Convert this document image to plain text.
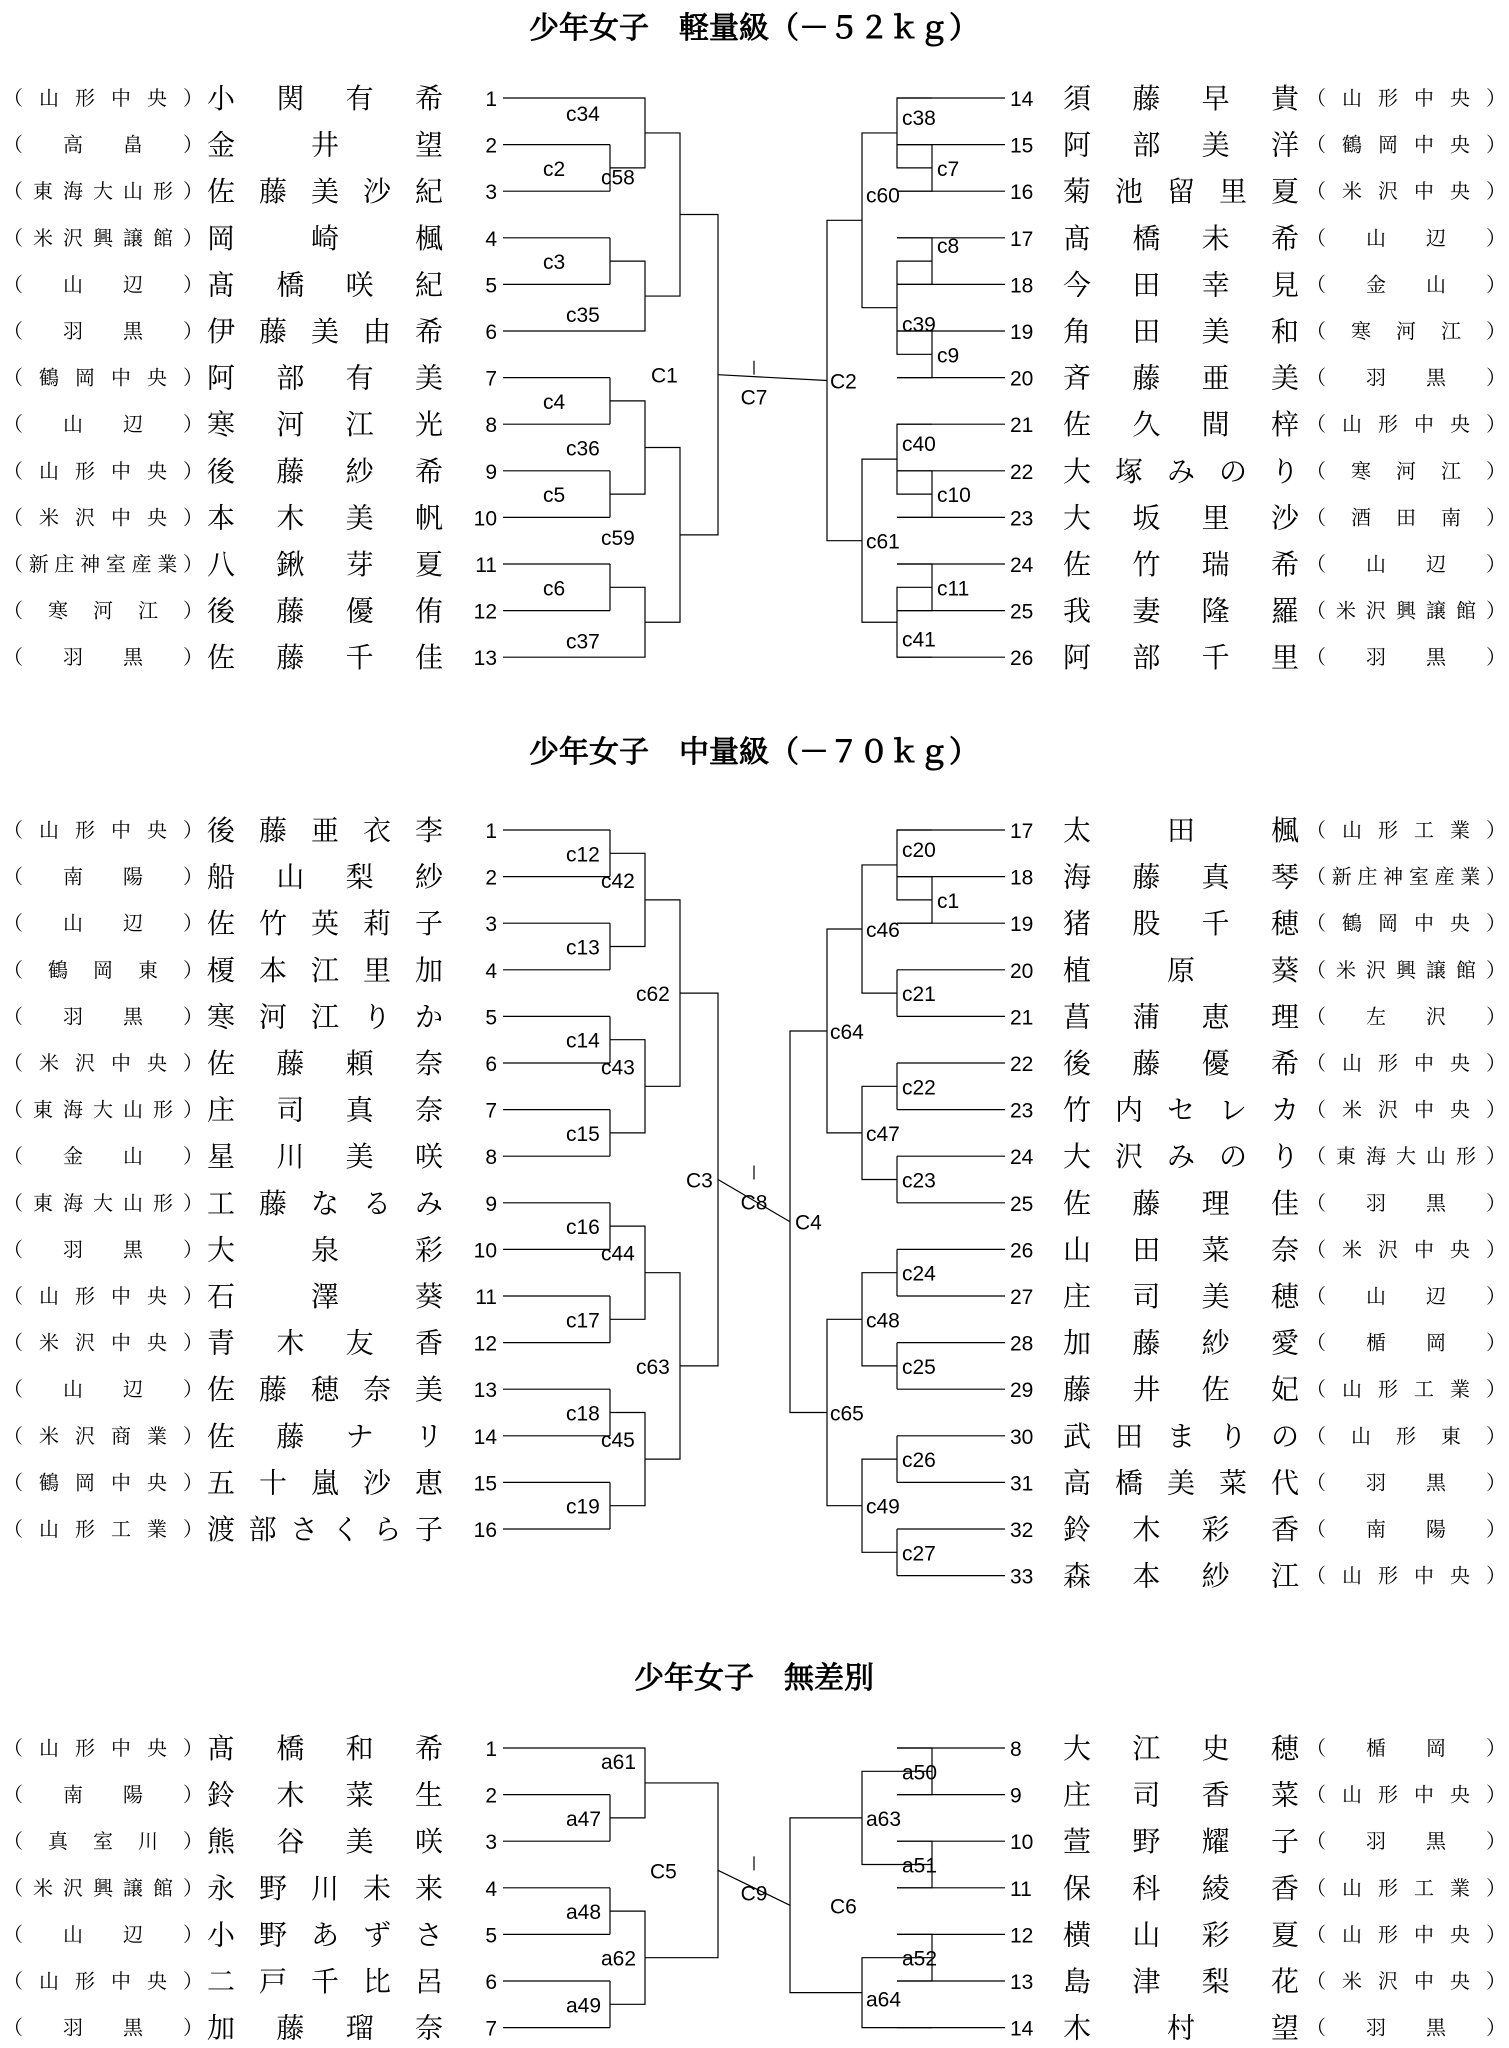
少年女子　軽量級（－５２ｋｇ）
（山形中央） 小関有希 1
（高畠） 金井望 2
（東海大山形） 佐藤美沙紀 3
（米沢興譲館） 岡崎楓 4
（山辺） 髙橋咲紀 5
（羽黒） 伊藤美由希 6
（鶴岡中央） 阿部有美 7
（山辺） 寒河江光 8
（山形中央） 後藤紗希 9
（米沢中央） 本木美帆 10
（新庄神室産業） 八鍬芽夏 11
（寒河江） 後藤優侑 12
（羽黒） 佐藤千佳 13
14 須藤早貴 （山形中央）
15 阿部美洋 （鶴岡中央）
16 菊池留里夏 （米沢中央）
17 髙橋未希 （山辺）
18 今田幸見 （金山）
19 角田美和 （寒河江）
20 斉藤亜美 （羽黒）
21 佐久間梓 （山形中央）
22 大塚みのり （寒河江）
23 大坂里沙 （酒田南）
24 佐竹瑞希 （山辺）
25 我妻隆羅 （米沢興譲館）
26 阿部千里 （羽黒）
c2
c3
c4
c5
c6
c34
c35
c36
c37
c58
c59
C1
c7
c8
c9
c10
c11
c38
c39
c40
c41
c60
c61
C2
C7
少年女子　中量級（－７０ｋｇ）
（山形中央） 後藤亜衣李 1
（南陽） 船山梨紗 2
（山辺） 佐竹英莉子 3
（鶴岡東） 榎本江里加 4
（羽黒） 寒河江りか 5
（米沢中央） 佐藤頼奈 6
（東海大山形） 庄司真奈 7
（金山） 星川美咲 8
（東海大山形） 工藤なるみ 9
（羽黒） 大泉彩 10
（山形中央） 石澤葵 11
（米沢中央） 青木友香 12
（山辺） 佐藤穂奈美 13
（米沢商業） 佐藤ナリ 14
（鶴岡中央） 五十嵐沙恵 15
（山形工業） 渡部さくら子 16
17 太田楓 （山形工業）
18 海藤真琴 （新庄神室産業）
19 猪股千穂 （鶴岡中央）
20 植原葵 （米沢興譲館）
21 菖蒲恵理 （左沢）
22 後藤優希 （山形中央）
23 竹内セレカ （米沢中央）
24 大沢みのり （東海大山形）
25 佐藤理佳 （羽黒）
26 山田菜奈 （米沢中央）
27 庄司美穂 （山辺）
28 加藤紗愛 （楯岡）
29 藤井佐妃 （山形工業）
30 武田まりの （山形東）
31 高橋美菜代 （羽黒）
32 鈴木彩香 （南陽）
33 森本紗江 （山形中央）
c12
c13
c14
c15
c16
c17
c18
c19
c42
c43
c44
c45
c62
c63
C3
c1
c20
c21
c22
c23
c24
c25
c26
c27
c46
c47
c48
c49
c64
c65
C4
C8
少年女子　無差別
（山形中央） 髙橋和希 1
（南陽） 鈴木菜生 2
（真室川） 熊谷美咲 3
（米沢興譲館） 永野川未来 4
（山辺） 小野あずさ 5
（山形中央） 二戸千比呂 6
（羽黒） 加藤瑠奈 7
8 大江史穂 （楯岡）
9 庄司香菜 （山形中央）
10 萱野耀子 （羽黒）
11 保科綾香 （山形工業）
12 横山彩夏 （山形中央）
13 島津梨花 （米沢中央）
14 木村望 （羽黒）
a47
a48
a49
a61
a62
C5
a50
a51
a52
a63
a64
C6
C9
